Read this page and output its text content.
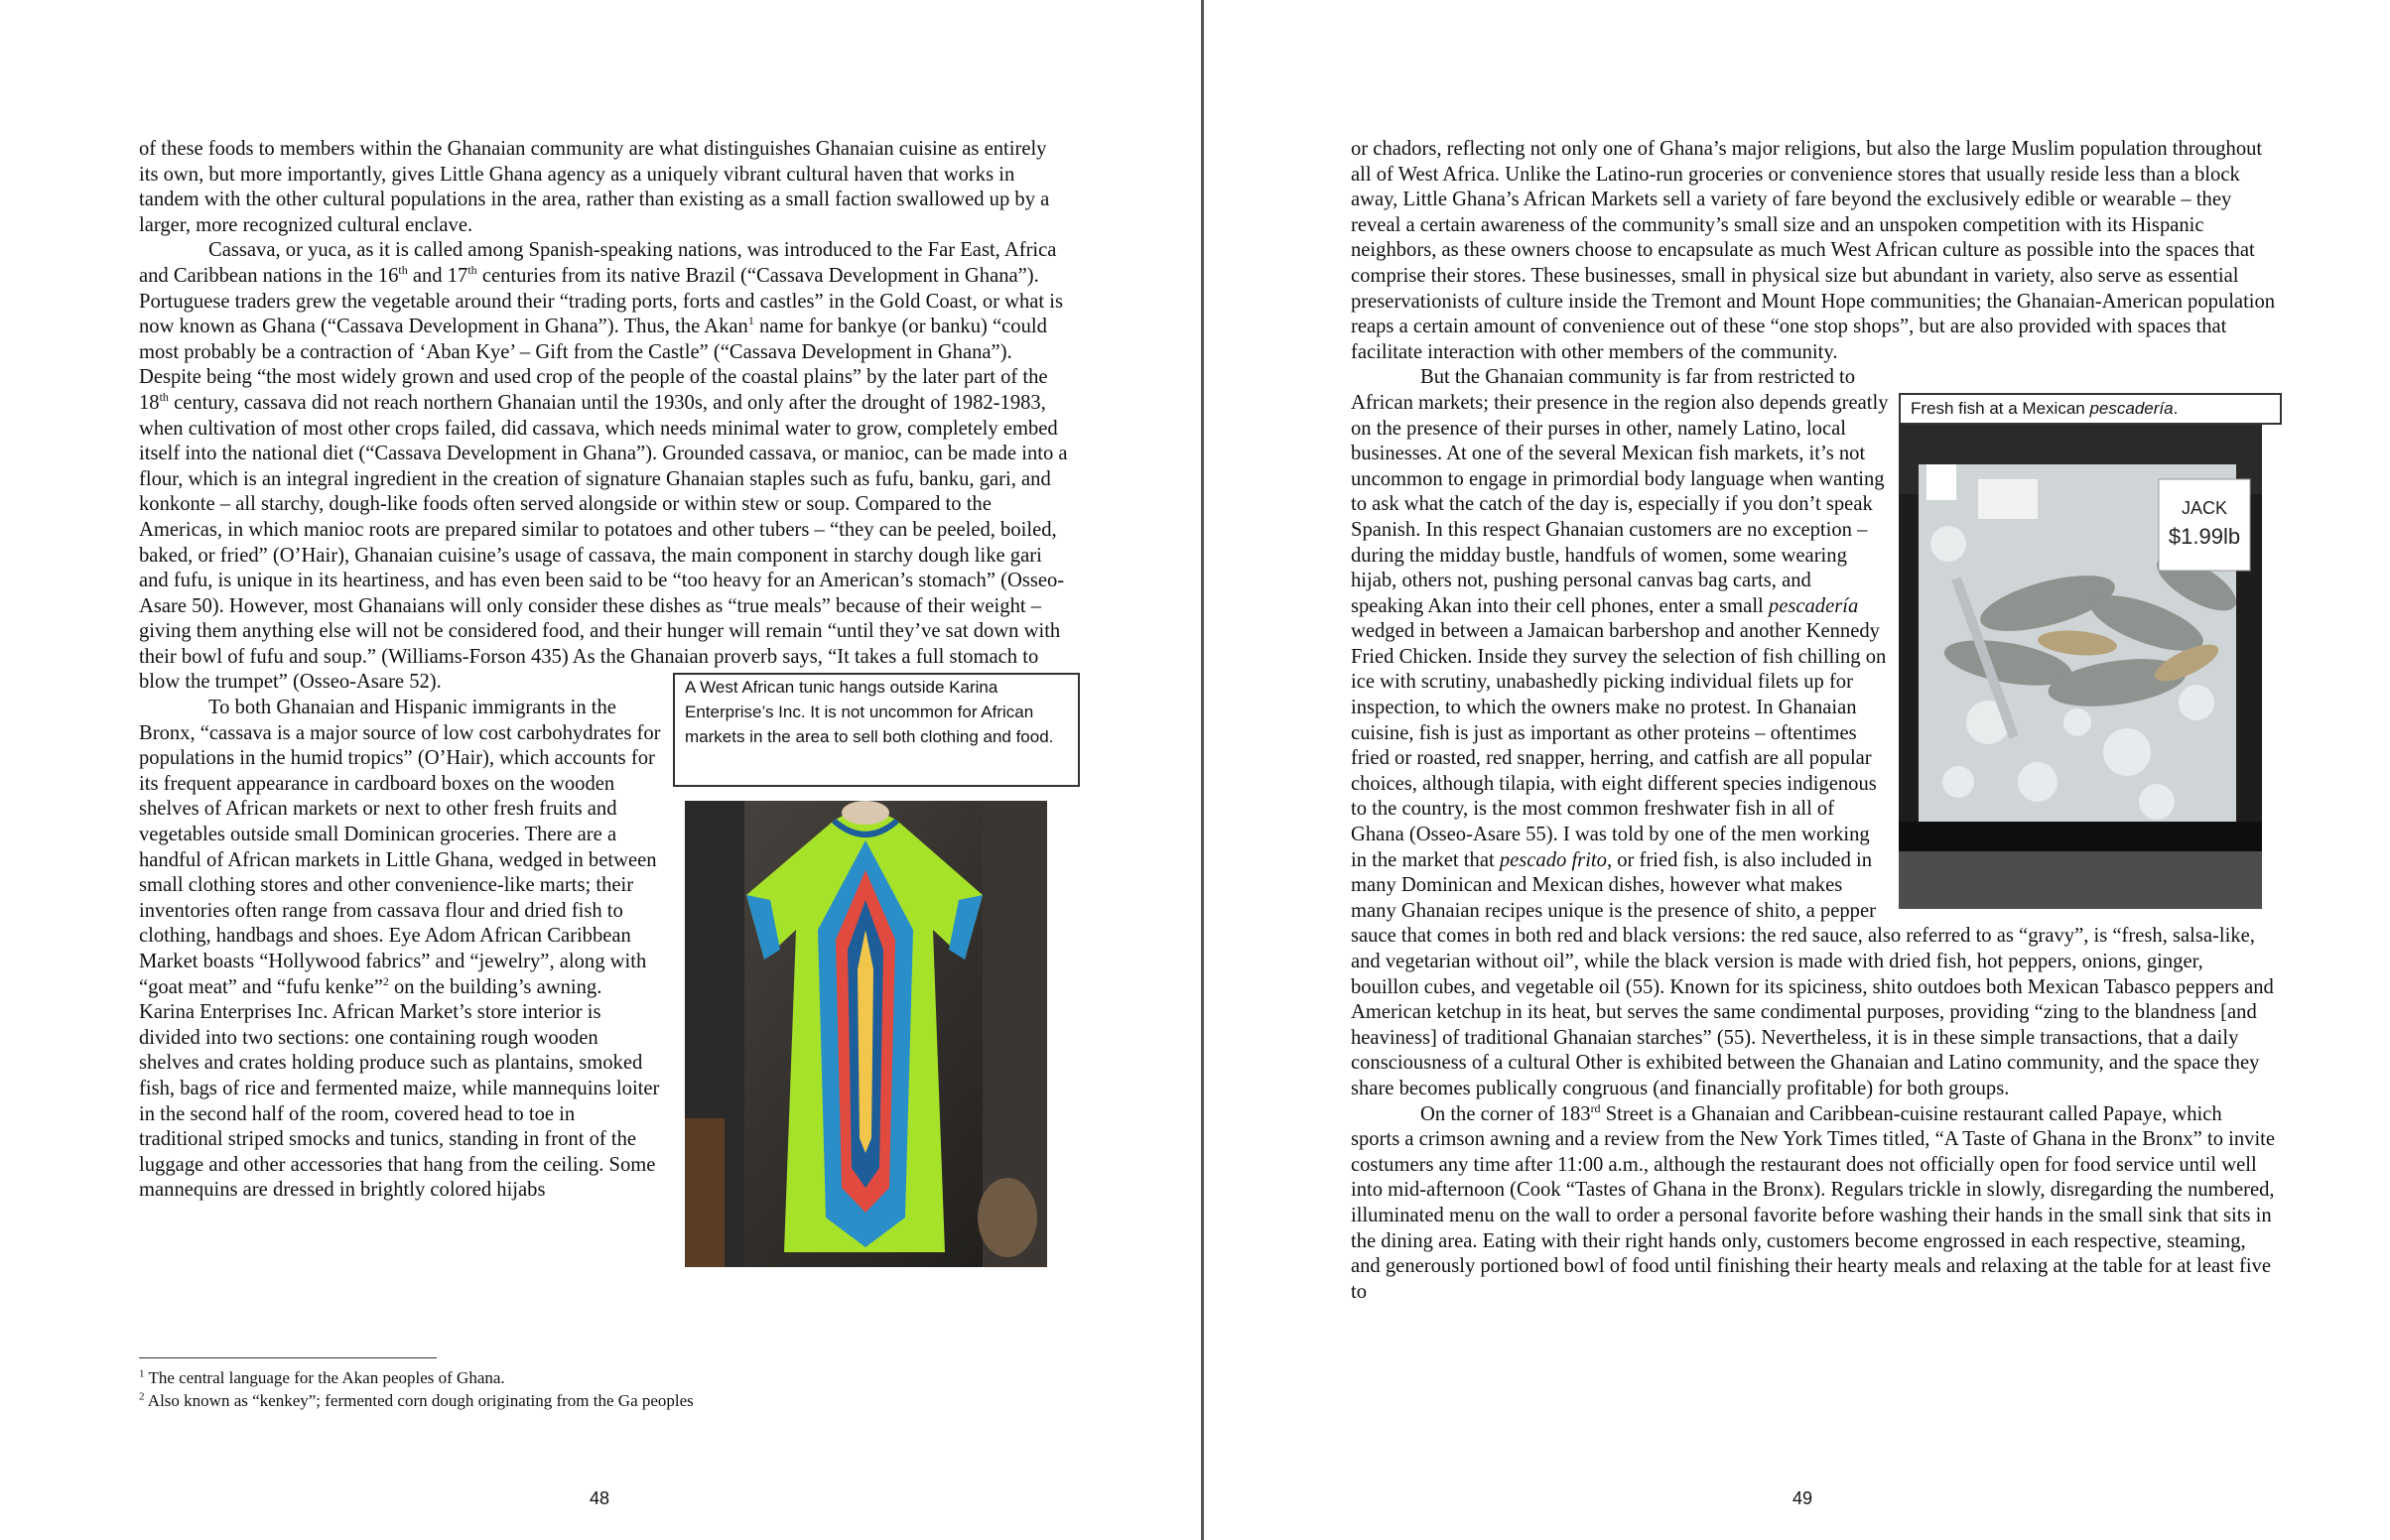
of these foods to members within the Ghanaian community are what distinguishes Ghanaian cuisine as entirely its own, but more importantly, gives Little Ghana agency as a uniquely vibrant cultural haven that works in tandem with the other cultural populations in the area, rather than existing as a small faction swallowed up by a larger, more recognized cultural enclave.

Cassava, or yuca, as it is called among Spanish-speaking nations, was introduced to the Far East, Africa and Caribbean nations in the 16th and 17th centuries from its native Brazil (“Cassava Development in Ghana”). Portuguese traders grew the vegetable around their “trading ports, forts and castles” in the Gold Coast, or what is now known as Ghana (“Cassava Development in Ghana”). Thus, the Akan$^1$ name for bankye (or banku) “could most probably be a contraction of ‘Aban Kye’ – Gift from the Castle” (“Cassava Development in Ghana”). Despite being “the most widely grown and used crop of the people of the coastal plains” by the later part of the 18th century, cassava did not reach northern Ghanaian until the 1930s, and only after the drought of 1982-1983, when cultivation of most other crops failed, did cassava, which needs minimal water to grow, completely embed itself into the national diet (“Cassava Development in Ghana”). Grounded cassava, or manioc, can be made into a flour, which is an integral ingredient in the creation of signature Ghanaian staples such as fufu, banku, gari, and konkonte – all starchy, dough-like foods often served alongside or within stew or soup. Compared to the Americas, in which manioc roots are prepared similar to potatoes and other tubers – “they can be peeled, boiled, baked, or fried” (O’Hair), Ghanaian cuisine’s usage of cassava, the main component in starchy dough like gari and fufu, is unique in its heartiness, and has even been said to be “too heavy for an American’s stomach” (Osseo-Asare 50). However, most Ghanaians will only consider these dishes as “true meals” because of their weight – giving them anything else will not be considered food, and their hunger will remain “until they’ve sat down with their bowl of fufu and soup.” (Williams-Forson 435) As the Ghanaian proverb says, “It takes a full stomach to blow the trumpet” (Osseo-Asare 52).	A West African tunic hangs outside Karina Enterprise’s Inc. It is not uncommon for African markets in the area to sell both clothing and food.

To both Ghanaian and Hispanic immigrants in the Bronx, “cassava is a major source of low cost carbohydrates for populations in the humid tropics” (O’Hair), which accounts for its frequent appearance in cardboard boxes on the wooden shelves of African markets or next to other fresh fruits and vegetables outside small Dominican groceries. There are a handful of African markets in Little Ghana, wedged in between small clothing stores and other convenience-like marts; their inventories often range from cassava flour and dried fish to clothing, handbags and shoes. Eye Adom African Caribbean Market boasts “Hollywood fabrics” and “jewelry”, along with “goat meat” and “fufu kenke”$^2$ on the building’s awning. Karina Enterprises Inc. African Market’s store interior is divided into two sections: one containing rough wooden shelves and crates holding produce such as plantains, smoked fish, bags of rice and fermented maize, while mannequins loiter in the second half of the room, covered head to toe in traditional striped smocks and tunics, standing in front of the luggage and other accessories that hang from the ceiling. Some mannequins are dressed in brightly colored hijabs

$^1$ The central language for the Akan peoples of Ghana.

$^2$ Also known as “kenkey”; fermented corn dough originating from the Ga peoples

48

or chadors, reflecting not only one of Ghana’s major religions, but also the large Muslim population throughout all of West Africa. Unlike the Latino-run groceries or convenience stores that usually reside less than a block away, Little Ghana’s African Markets sell a variety of fare beyond the exclusively edible or wearable – they reveal a certain awareness of the community’s small size and an unspoken competition with its Hispanic neighbors, as these owners choose to encapsulate as much West African culture as possible into the spaces that comprise their stores. These businesses, small in physical size but abundant in variety, also serve as essential preservationists of culture inside the Tremont and Mount Hope communities; the Ghanaian-American population reaps a certain amount of convenience out of these “one stop shops”, but are also provided with spaces that facilitate interaction with other members of the community.

Fresh fish at a Mexican pescadería.
JACK
$1.99lb

But the Ghanaian community is far from restricted to African markets; their presence in the region also depends greatly on the presence of their purses in other, namely Latino, local businesses. At one of the several Mexican fish markets, it’s not uncommon to engage in primordial body language when wanting to ask what the catch of the day is, especially if you don’t speak Spanish. In this respect Ghanaian customers are no exception – during the midday bustle, handfuls of women, some wearing hijab, others not, pushing personal canvas bag carts, and speaking Akan into their cell phones, enter a small pescadería wedged in between a Jamaican barbershop and another Kennedy Fried Chicken. Inside they survey the selection of fish chilling on ice with scrutiny, unabashedly picking individual filets up for inspection, to which the owners make no protest. In Ghanaian cuisine, fish is just as important as other proteins – oftentimes fried or roasted, red snapper, herring, and catfish are all popular choices, although tilapia, with eight different species indigenous to the country, is the most common freshwater fish in all of Ghana (Osseo-Asare 55). I was told by one of the men working in the market that pescado frito, or fried fish, is also included in many Dominican and Mexican dishes, however what makes many Ghanaian recipes unique is the presence of shito, a pepper sauce that comes in both red and black versions: the red sauce, also referred to as “gravy”, is “fresh, salsa-like, and vegetarian without oil”, while the black version is made with dried fish, hot peppers, onions, ginger, bouillon cubes, and vegetable oil (55). Known for its spiciness, shito outdoes both Mexican Tabasco peppers and American ketchup in its heat, but serves the same condimental purposes, providing “zing to the blandness [and heaviness] of traditional Ghanaian starches” (55). Nevertheless, it is in these simple transactions, that a daily consciousness of a cultural Other is exhibited between the Ghanaian and Latino community, and the space they share becomes publically congruous (and financially profitable) for both groups.

On the corner of 183rd Street is a Ghanaian and Caribbean-cuisine restaurant called Papaye, which sports a crimson awning and a review from the New York Times titled, “A Taste of Ghana in the Bronx” to invite costumers any time after 11:00 a.m., although the restaurant does not officially open for food service until well into mid-afternoon (Cook “Tastes of Ghana in the Bronx). Regulars trickle in slowly, disregarding the numbered, illuminated menu on the wall to order a personal favorite before washing their hands in the small sink that sits in the dining area. Eating with their right hands only, customers become engrossed in each respective, steaming, and generously portioned bowl of food until finishing their hearty meals and relaxing at the table for at least five to

49
